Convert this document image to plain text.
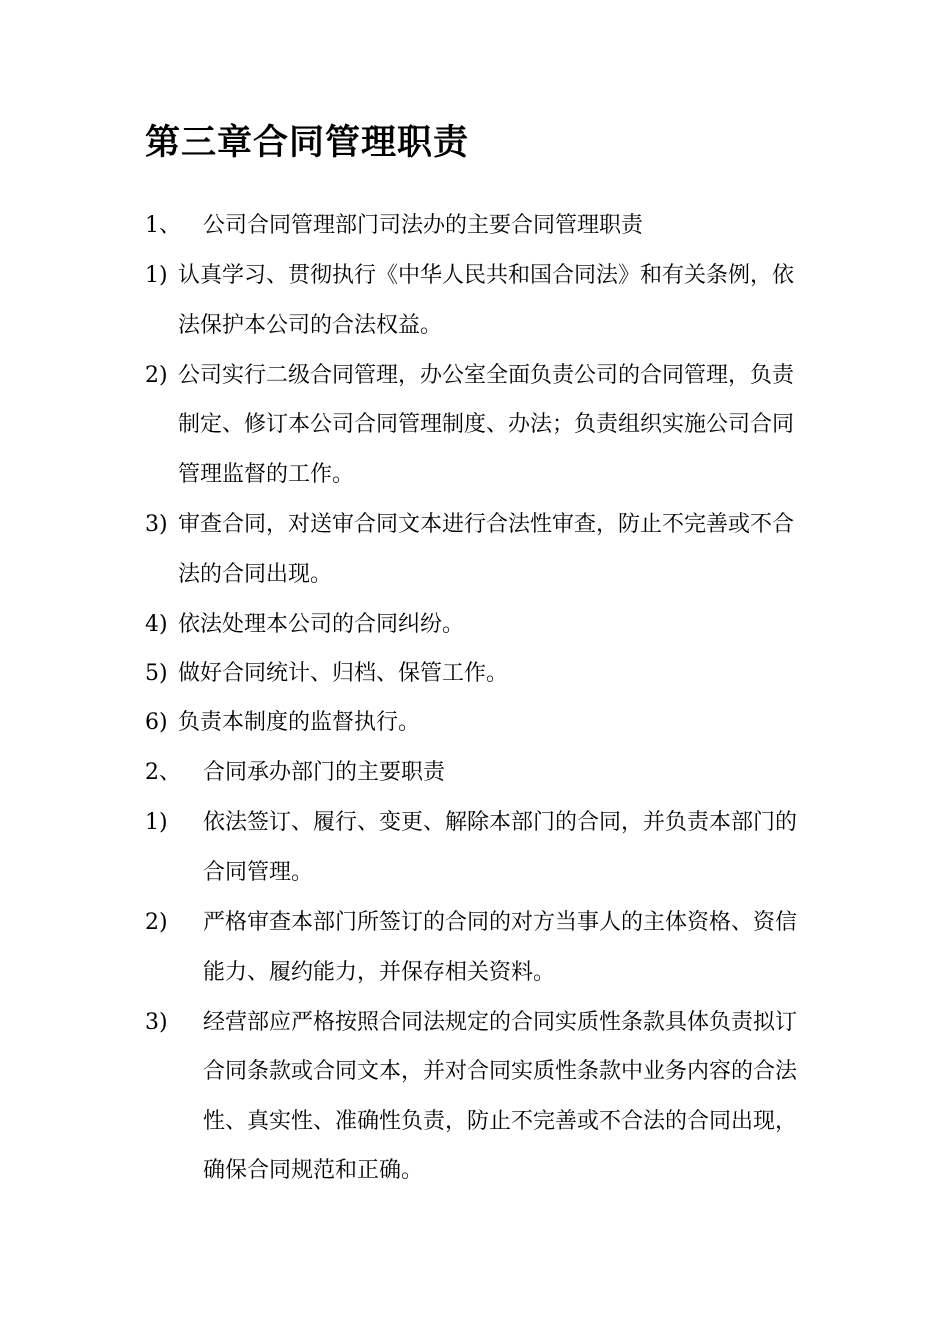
第三章合同管理职责
1、 公司合同管理部门司法办的主要合同管理职责

1) 认真学习、贯彻执行《中华人民共和国合同法》和有关条例，依

法保护本公司的合法权益。

2) 公司实行二级合同管理，办公室全面负责公司的合同管理，负责

制定、修订本公司合同管理制度、办法；负责组织实施公司合同

管理监督的工作。

3) 审查合同，对送审合同文本进行合法性审查，防止不完善或不合

法的合同出现。

4) 依法处理本公司的合同纠纷。

5) 做好合同统计、归档、保管工作。

6) 负责本制度的监督执行。

2、 合同承办部门的主要职责

1) 依法签订、履行、变更、解除本部门的合同，并负责本部门的

合同管理。

2) 严格审查本部门所签订的合同的对方当事人的主体资格、资信

能力、履约能力，并保存相关资料。

3) 经营部应严格按照合同法规定的合同实质性条款具体负责拟订

合同条款或合同文本，并对合同实质性条款中业务内容的合法

性、真实性、准确性负责，防止不完善或不合法的合同出现，

确保合同规范和正确。
